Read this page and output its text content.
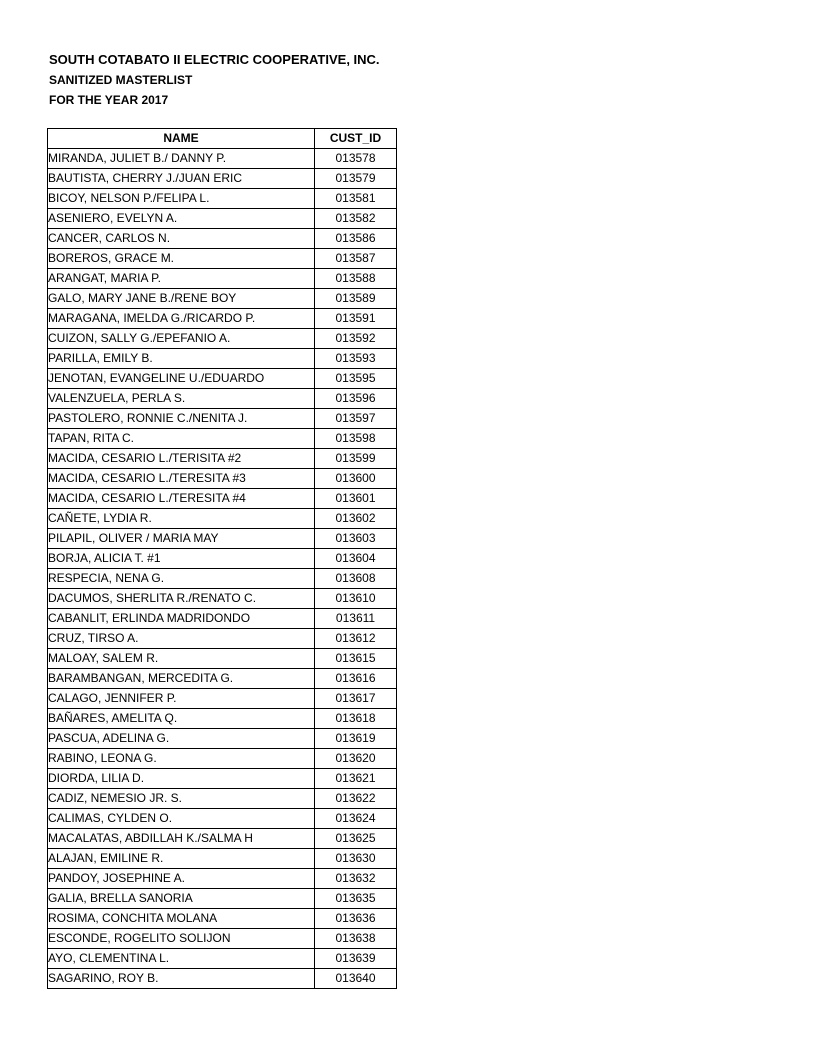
SOUTH COTABATO II ELECTRIC COOPERATIVE, INC.
SANITIZED MASTERLIST
FOR THE YEAR 2017
NAME	CUST_ID
MIRANDA, JULIET B./ DANNY P.	013578
BAUTISTA, CHERRY J./JUAN ERIC	013579
BICOY, NELSON P./FELIPA L.	013581
ASENIERO, EVELYN A.	013582
CANCER, CARLOS N.	013586
BOREROS, GRACE M.	013587
ARANGAT, MARIA P.	013588
GALO, MARY JANE B./RENE BOY	013589
MARAGANA, IMELDA G./RICARDO P.	013591
CUIZON, SALLY G./EPEFANIO A.	013592
PARILLA, EMILY B.	013593
JENOTAN, EVANGELINE U./EDUARDO	013595
VALENZUELA, PERLA S.	013596
PASTOLERO, RONNIE C./NENITA J.	013597
TAPAN, RITA C.	013598
MACIDA, CESARIO L./TERISITA #2	013599
MACIDA, CESARIO L./TERESITA #3	013600
MACIDA, CESARIO L./TERESITA #4	013601
CAÑETE, LYDIA R.	013602
PILAPIL, OLIVER / MARIA MAY	013603
BORJA, ALICIA T. #1	013604
RESPECIA, NENA G.	013608
DACUMOS, SHERLITA R./RENATO C.	013610
CABANLIT, ERLINDA MADRIDONDO	013611
CRUZ, TIRSO A.	013612
MALOAY, SALEM R.	013615
BARAMBANGAN, MERCEDITA G.	013616
CALAGO, JENNIFER P.	013617
BAÑARES, AMELITA Q.	013618
PASCUA, ADELINA G.	013619
RABINO, LEONA G.	013620
DIORDA, LILIA D.	013621
CADIZ, NEMESIO JR. S.	013622
CALIMAS, CYLDEN O.	013624
MACALATAS, ABDILLAH K./SALMA H	013625
ALAJAN, EMILINE R.	013630
PANDOY, JOSEPHINE A.	013632
GALIA, BRELLA SANORIA	013635
ROSIMA, CONCHITA MOLANA	013636
ESCONDE, ROGELITO SOLIJON	013638
AYO, CLEMENTINA L.	013639
SAGARINO, ROY B.	013640
